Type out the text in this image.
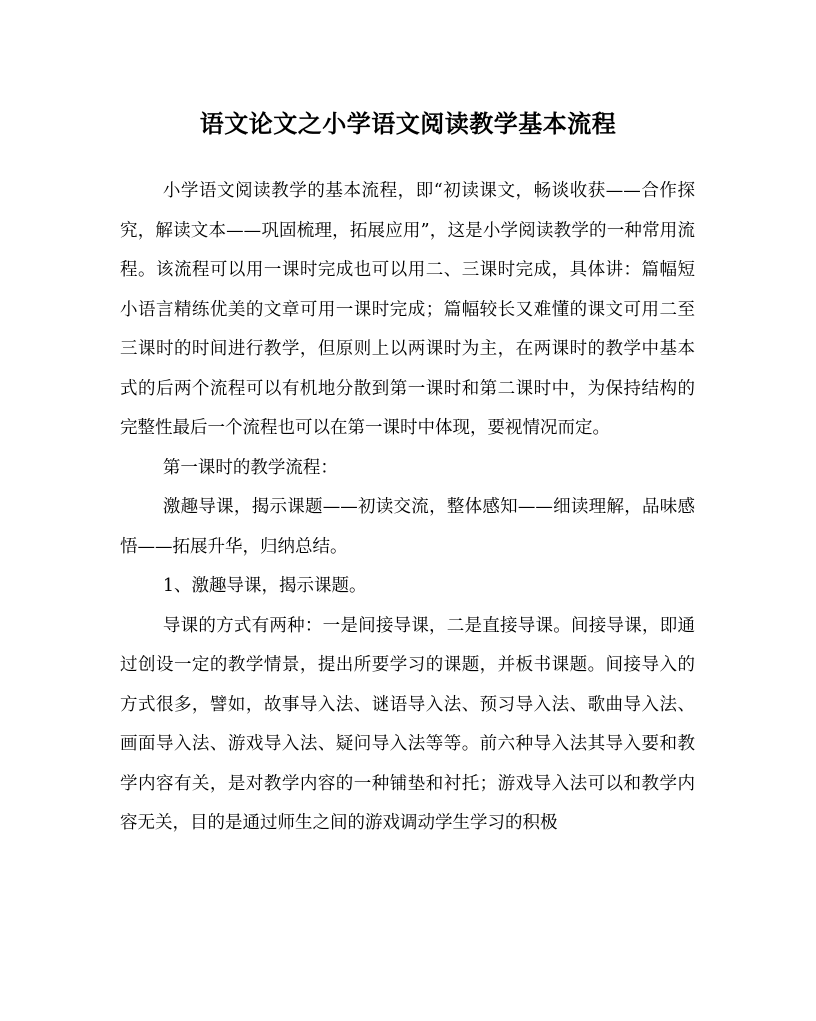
语文论文之小学语文阅读教学基本流程

小学语文阅读教学的基本流程，即“初读课文，畅谈收获——合作探究，解读文本——巩固梳理，拓展应用”，这是小学阅读教学的一种常用流程。该流程可以用一课时完成也可以用二、三课时完成，具体讲：篇幅短小语言精练优美的文章可用一课时完成；篇幅较长又难懂的课文可用二至三课时的时间进行教学，但原则上以两课时为主，在两课时的教学中基本式的后两个流程可以有机地分散到第一课时和第二课时中，为保持结构的完整性最后一个流程也可以在第一课时中体现，要视情况而定。

第一课时的教学流程：

激趣导课，揭示课题——初读交流，整体感知——细读理解，品味感悟——拓展升华，归纳总结。

1、激趣导课，揭示课题。

导课的方式有两种：一是间接导课，二是直接导课。间接导课，即通过创设一定的教学情景，提出所要学习的课题，并板书课题。间接导入的方式很多，譬如，故事导入法、谜语导入法、预习导入法、歌曲导入法、画面导入法、游戏导入法、疑问导入法等等。前六种导入法其导入要和教学内容有关，是对教学内容的一种铺垫和衬托；游戏导入法可以和教学内容无关，目的是通过师生之间的游戏调动学生学习的积极
